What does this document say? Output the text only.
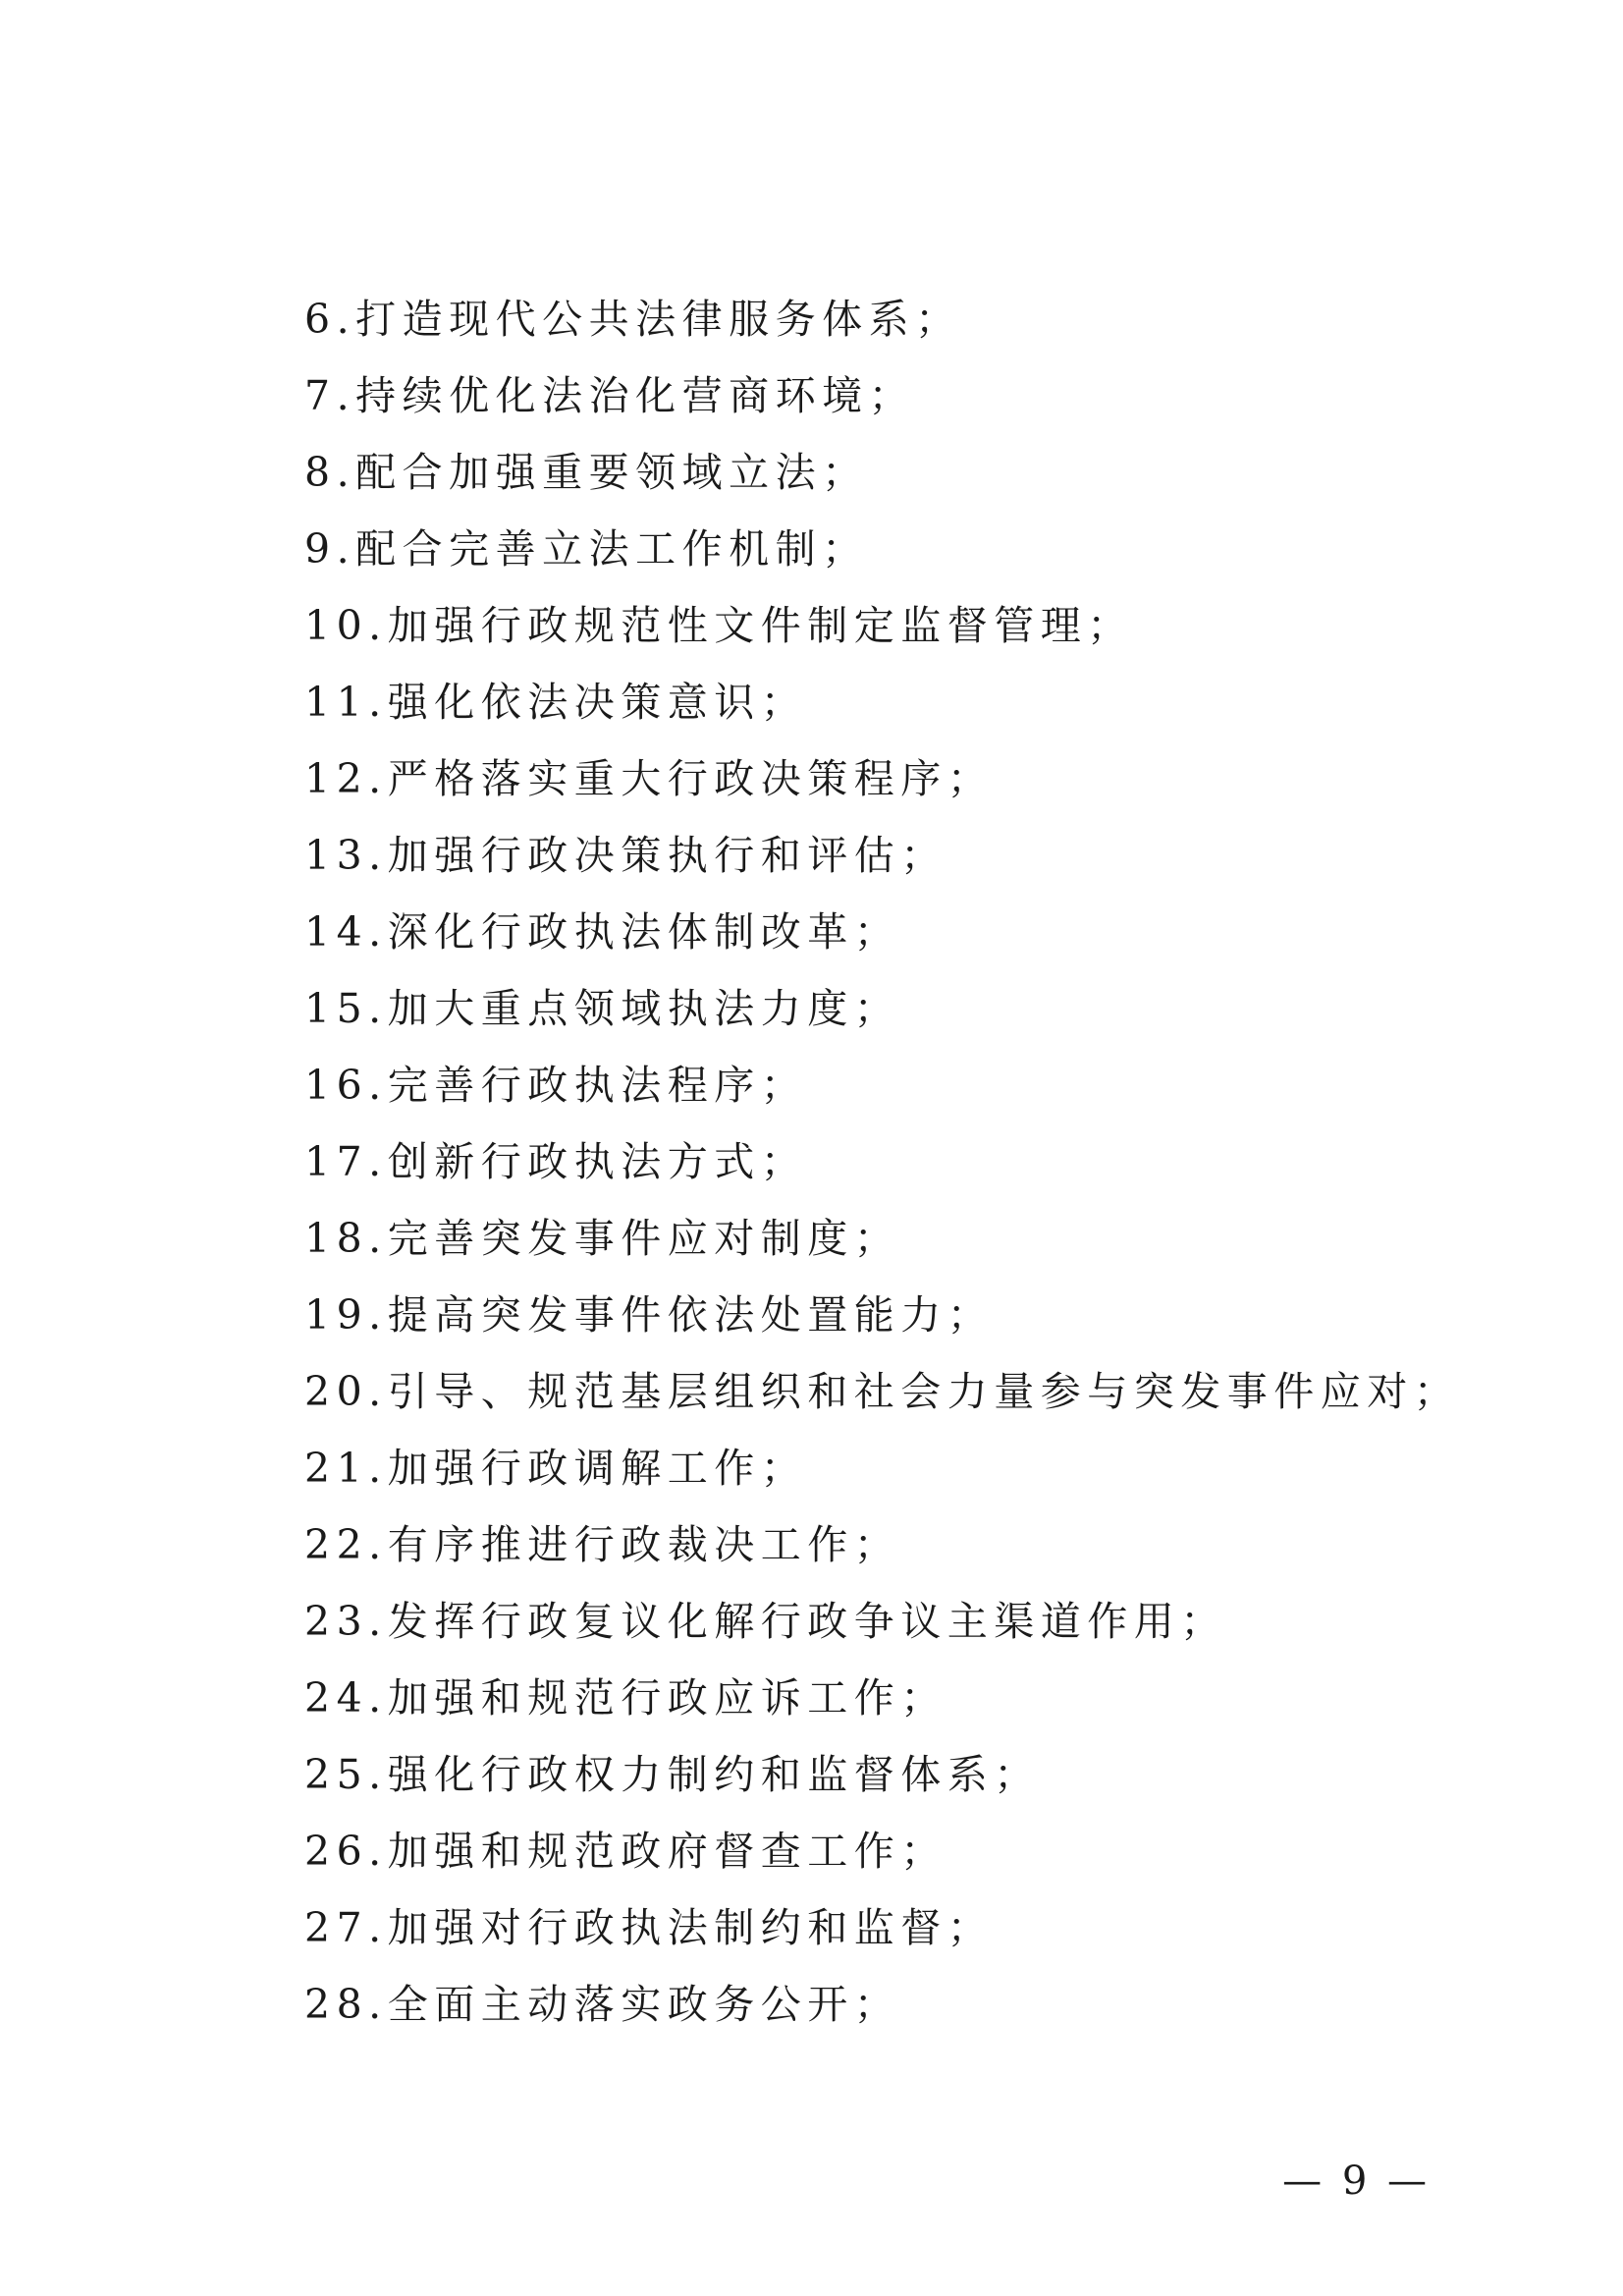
6.打造现代公共法律服务体系；
7.持续优化法治化营商环境；
8.配合加强重要领域立法；
9.配合完善立法工作机制；
10.加强行政规范性文件制定监督管理；
11.强化依法决策意识；
12.严格落实重大行政决策程序；
13.加强行政决策执行和评估；
14.深化行政执法体制改革；
15.加大重点领域执法力度；
16.完善行政执法程序；
17.创新行政执法方式；
18.完善突发事件应对制度；
19.提高突发事件依法处置能力；
20.引导、规范基层组织和社会力量参与突发事件应对；
21.加强行政调解工作；
22.有序推进行政裁决工作；
23.发挥行政复议化解行政争议主渠道作用；
24.加强和规范行政应诉工作；
25.强化行政权力制约和监督体系；
26.加强和规范政府督查工作；
27.加强对行政执法制约和监督；
28.全面主动落实政务公开；
— 9 —
